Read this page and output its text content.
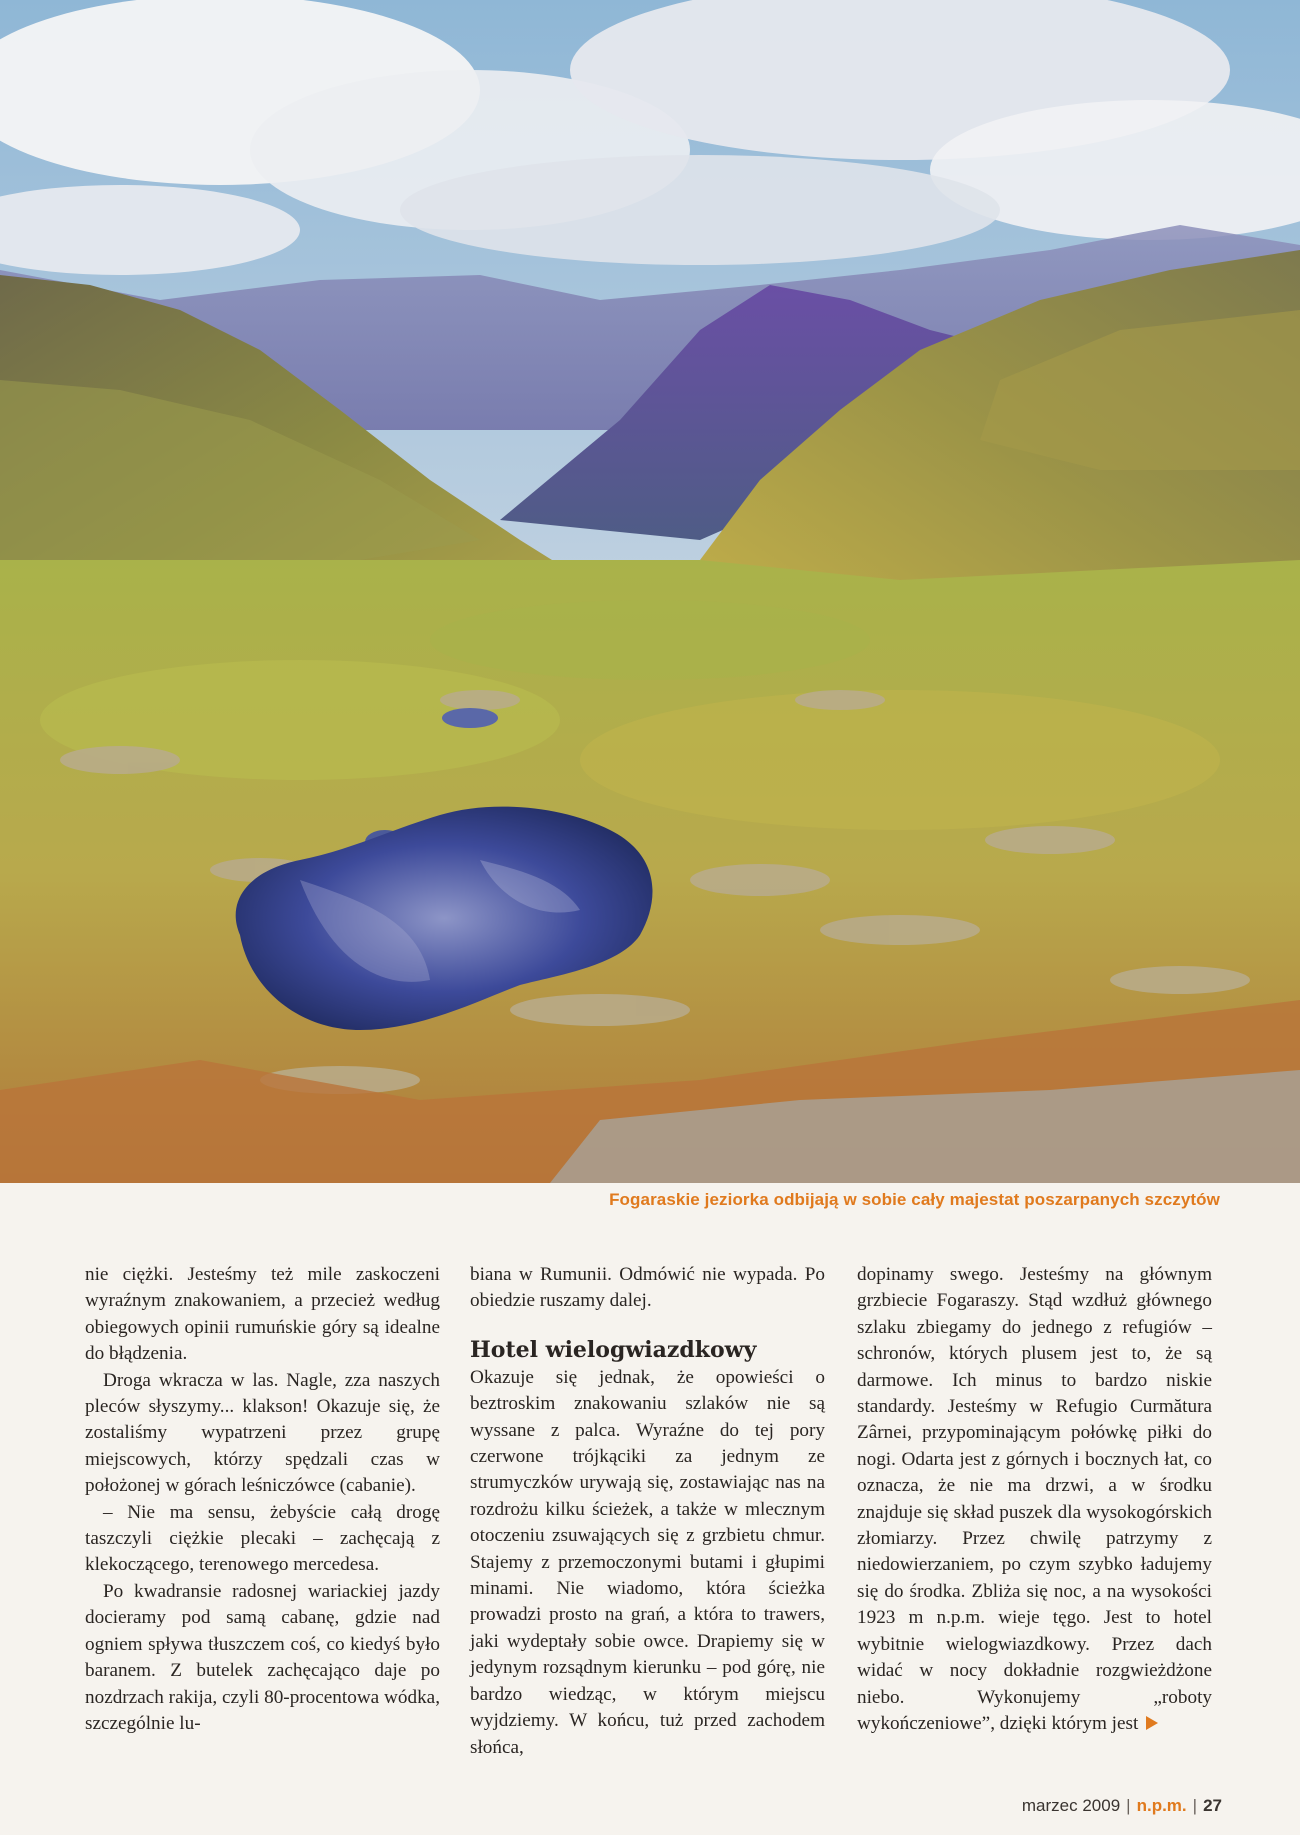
Fogaraskie jeziorka odbijają w sobie cały majestat poszarpanych szczytów

nie ciężki. Jesteśmy też mile zaskoczeni wyraźnym znakowaniem, a przecież według obiegowych opinii rumuńskie góry są idealne do błądzenia.

Droga wkracza w las. Nagle, zza naszych pleców słyszymy... klakson! Okazuje się, że zostaliśmy wypatrzeni przez grupę miejscowych, którzy spędzali czas w położonej w górach leśniczówce (cabanie).

– Nie ma sensu, żebyście całą drogę taszczyli ciężkie plecaki – zachęcają z klekoczącego, terenowego mercedesa.

Po kwadransie radosnej wariackiej jazdy docieramy pod samą cabanę, gdzie nad ogniem spływa tłuszczem coś, co kiedyś było baranem. Z butelek zachęcająco daje po nozdrzach rakija, czyli 80-procentowa wódka, szczególnie lu-

biana w Rumunii. Odmówić nie wypada. Po obiedzie ruszamy dalej.

Hotel wielogwiazdkowy

Okazuje się jednak, że opowieści o beztroskim znakowaniu szlaków nie są wyssane z palca. Wyraźne do tej pory czerwone trójkąciki za jednym ze strumyczków urywają się, zostawiając nas na rozdrożu kilku ścieżek, a także w mlecznym otoczeniu zsuwających się z grzbietu chmur. Stajemy z przemoczonymi butami i głupimi minami. Nie wiadomo, która ścieżka prowadzi prosto na grań, a która to trawers, jaki wydeptały sobie owce. Drapiemy się w jedynym rozsądnym kierunku – pod górę, nie bardzo wiedząc, w którym miejscu wyjdziemy. W końcu, tuż przed zachodem słońca,

dopinamy swego. Jesteśmy na głównym grzbiecie Fogaraszy. Stąd wzdłuż głównego szlaku zbiegamy do jednego z refugiów – schronów, których plusem jest to, że są darmowe. Ich minus to bardzo niskie standardy. Jesteśmy w Refugio Curmătura Zârnei, przypominającym połówkę piłki do nogi. Odarta jest z górnych i bocznych łat, co oznacza, że nie ma drzwi, a w środku znajduje się skład puszek dla wysokogórskich złomiarzy. Przez chwilę patrzymy z niedowierzaniem, po czym szybko ładujemy się do środka. Zbliża się noc, a na wysokości 1923 m n.p.m. wieje tęgo. Jest to hotel wybitnie wielogwiazdkowy. Przez dach widać w nocy dokładnie rozgwieżdżone niebo. Wykonujemy „roboty wykończeniowe”, dzięki którym jest

marzec 2009 | n.p.m. | 27
